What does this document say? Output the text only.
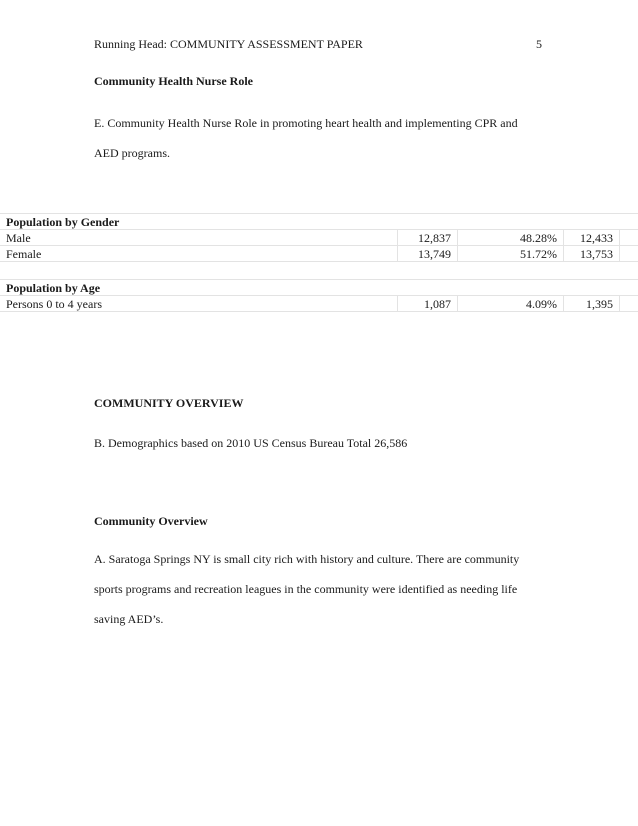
Running Head: COMMUNITY ASSESSMENT PAPER	5
Community Health Nurse Role
E. Community Health Nurse Role in promoting heart health and implementing CPR and
AED programs.
Population by Gender
Male	12,837	48.28%	12,433
Female	13,749	51.72%	13,753
Population by Age
Persons 0 to 4 years	1,087	4.09%	1,395
COMMUNITY OVERVIEW
B. Demographics based on 2010 US Census Bureau Total 26,586
Community Overview
A. Saratoga Springs NY is small city rich with history and culture. There are community
sports programs and recreation leagues in the community were identified as needing life
saving AED’s.
